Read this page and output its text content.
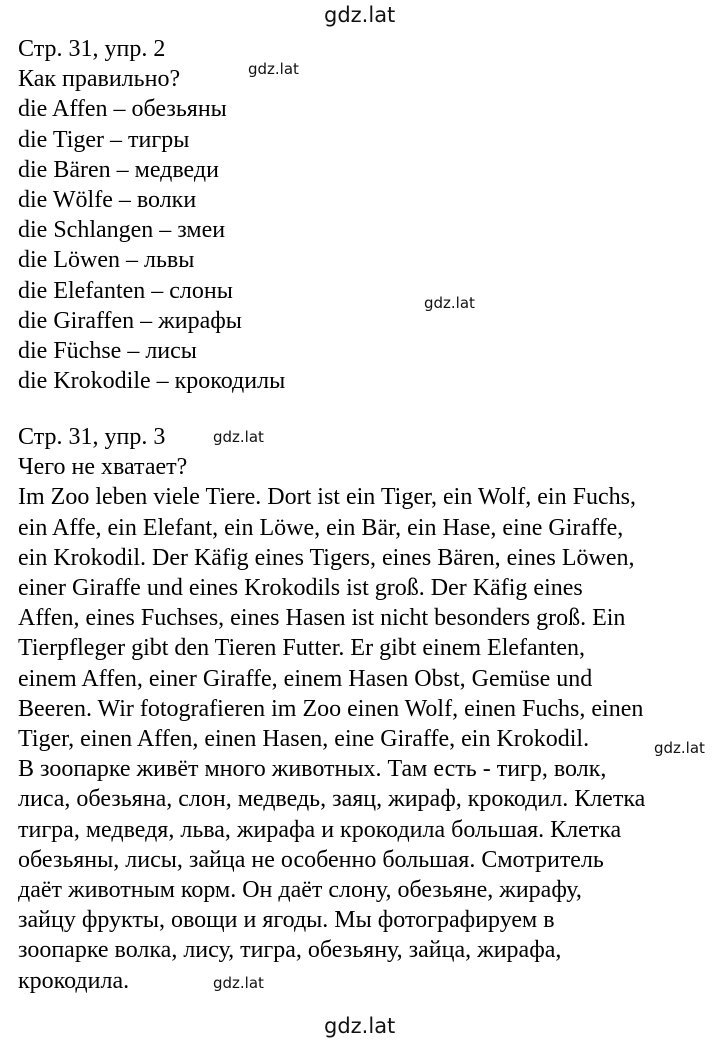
gdz.lat
gdz.lat
gdz.lat
gdz.lat
gdz.lat
gdz.lat
gdz.lat
Стр. 31, упр. 2
Как правильно?
die Affen – обезьяны
die Tiger – тигры
die Bären – медведи
die Wölfe – волки
die Schlangen – змеи
die Löwen – львы
die Elefanten – слоны
die Giraffen – жирафы
die Füchse – лисы
die Krokodile – крокодилы
Стр. 31, упр. 3
Чего не хватает?
Im Zoo leben viele Tiere. Dort ist ein Tiger, ein Wolf, ein Fuchs,
ein Affe, ein Elefant, ein Löwe, ein Bär, ein Hase, eine Giraffe,
ein Krokodil. Der Käfig eines Tigers, eines Bären, eines Löwen,
einer Giraffe und eines Krokodils ist groß. Der Käfig eines
Affen, eines Fuchses, eines Hasen ist nicht besonders groß. Ein
Tierpfleger gibt den Tieren Futter. Er gibt einem Elefanten,
einem Affen, einer Giraffe, einem Hasen Obst, Gemüse und
Beeren. Wir fotografieren im Zoo einen Wolf, einen Fuchs, einen
Tiger, einen Affen, einen Hasen, eine Giraffe, ein Krokodil.
В зоопарке живёт много животных. Там есть - тигр, волк,
лиса, обезьяна, слон, медведь, заяц, жираф, крокодил. Клетка
тигра, медведя, льва, жирафа и крокодила большая. Клетка
обезьяны, лисы, зайца не особенно большая. Смотритель
даёт животным корм. Он даёт слону, обезьяне, жирафу,
зайцу фрукты, овощи и ягоды. Мы фотографируем в
зоопарке волка, лису, тигра, обезьяну, зайца, жирафа,
крокодила.
